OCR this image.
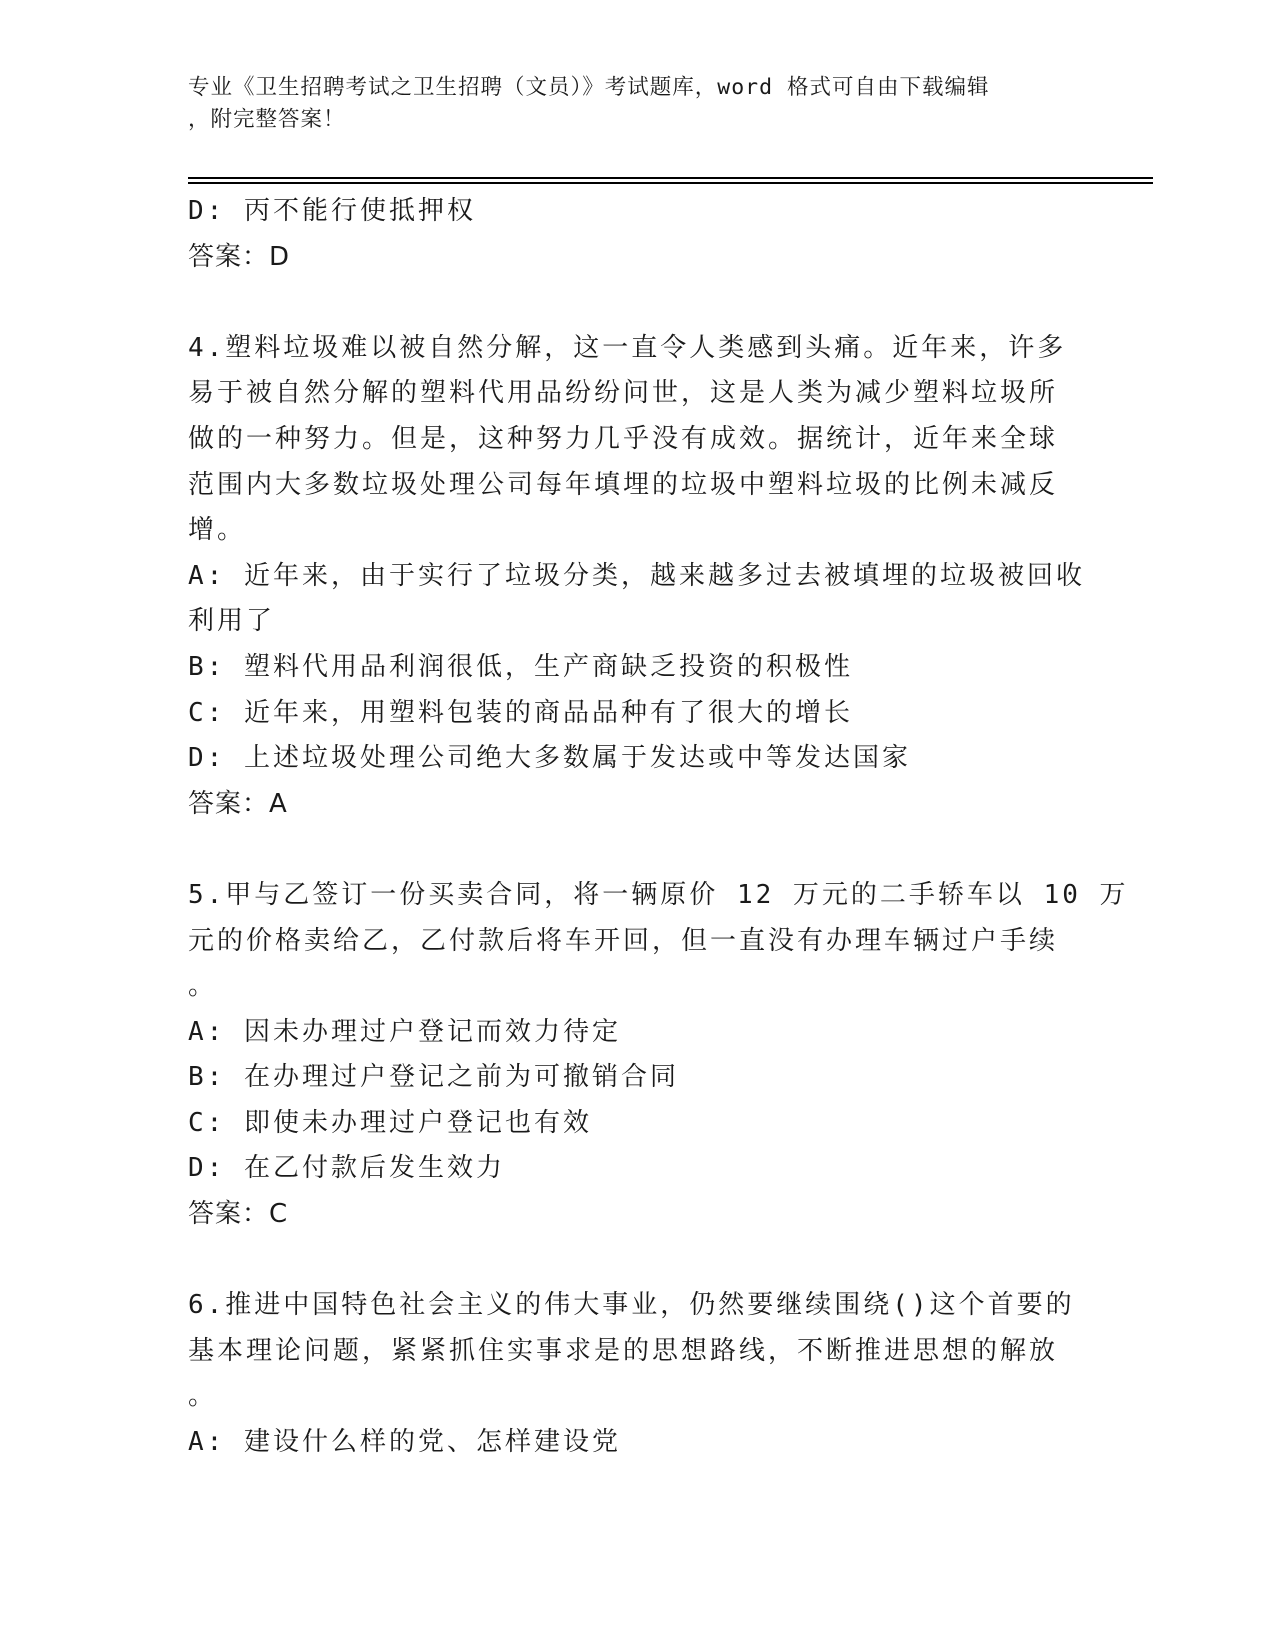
专业《卫生招聘考试之卫生招聘（文员）》考试题库，word 格式可自由下载编辑
，附完整答案！
D: 丙不能行使抵押权
答案：D
4.塑料垃圾难以被自然分解，这一直令人类感到头痛。近年来，许多
易于被自然分解的塑料代用品纷纷问世，这是人类为减少塑料垃圾所
做的一种努力。但是，这种努力几乎没有成效。据统计，近年来全球
范围内大多数垃圾处理公司每年填埋的垃圾中塑料垃圾的比例未减反
增。
A: 近年来，由于实行了垃圾分类，越来越多过去被填埋的垃圾被回收
利用了
B: 塑料代用品利润很低，生产商缺乏投资的积极性
C: 近年来，用塑料包装的商品品种有了很大的增长
D: 上述垃圾处理公司绝大多数属于发达或中等发达国家
答案：A
5.甲与乙签订一份买卖合同，将一辆原价 12 万元的二手轿车以 10 万
元的价格卖给乙，乙付款后将车开回，但一直没有办理车辆过户手续
。
A: 因未办理过户登记而效力待定
B: 在办理过户登记之前为可撤销合同
C: 即使未办理过户登记也有效
D: 在乙付款后发生效力
答案：C
6.推进中国特色社会主义的伟大事业，仍然要继续围绕()这个首要的
基本理论问题，紧紧抓住实事求是的思想路线，不断推进思想的解放
。
A: 建设什么样的党、怎样建设党
